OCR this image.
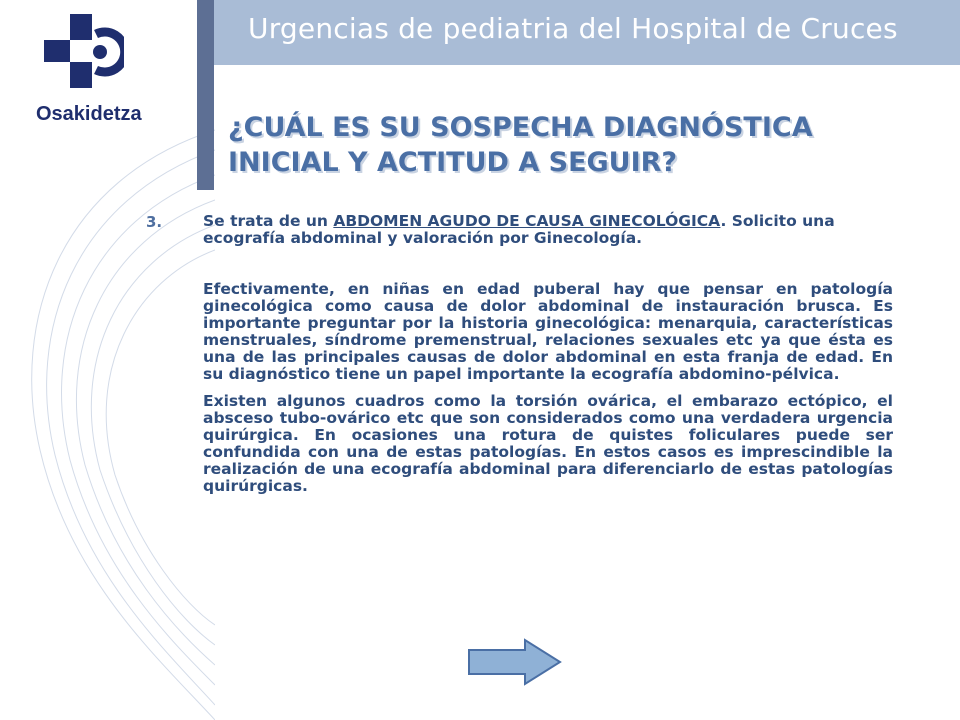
Urgencias de pediatria del Hospital de Cruces
Osakidetza	¿CUÁL ES SU SOSPECHA DIAGNÓSTICA
INICIAL Y ACTITUD A SEGUIR?
3.	Se trata de un ABDOMEN AGUDO DE CAUSA GINECOLÓGICA. Solicito una ecografía abdominal y valoración por Ginecología.

Efectivamente, en niñas en edad puberal hay que pensar en patología ginecológica como causa de dolor abdominal de instauración brusca. Es importante preguntar por la historia ginecológica: menarquia, características menstruales, síndrome premenstrual, relaciones sexuales etc ya que ésta es una de las principales causas de dolor abdominal en esta franja de edad. En su diagnóstico tiene un papel importante la ecografía abdomino-pélvica.

Existen algunos cuadros como la torsión ovárica, el embarazo ectópico, el absceso tubo-ovárico etc que son considerados como una verdadera urgencia quirúrgica. En ocasiones una rotura de quistes foliculares puede ser confundida con una de estas patologías. En estos casos es imprescindible la realización de una ecografía abdominal para diferenciarlo de estas patologías quirúrgicas.
